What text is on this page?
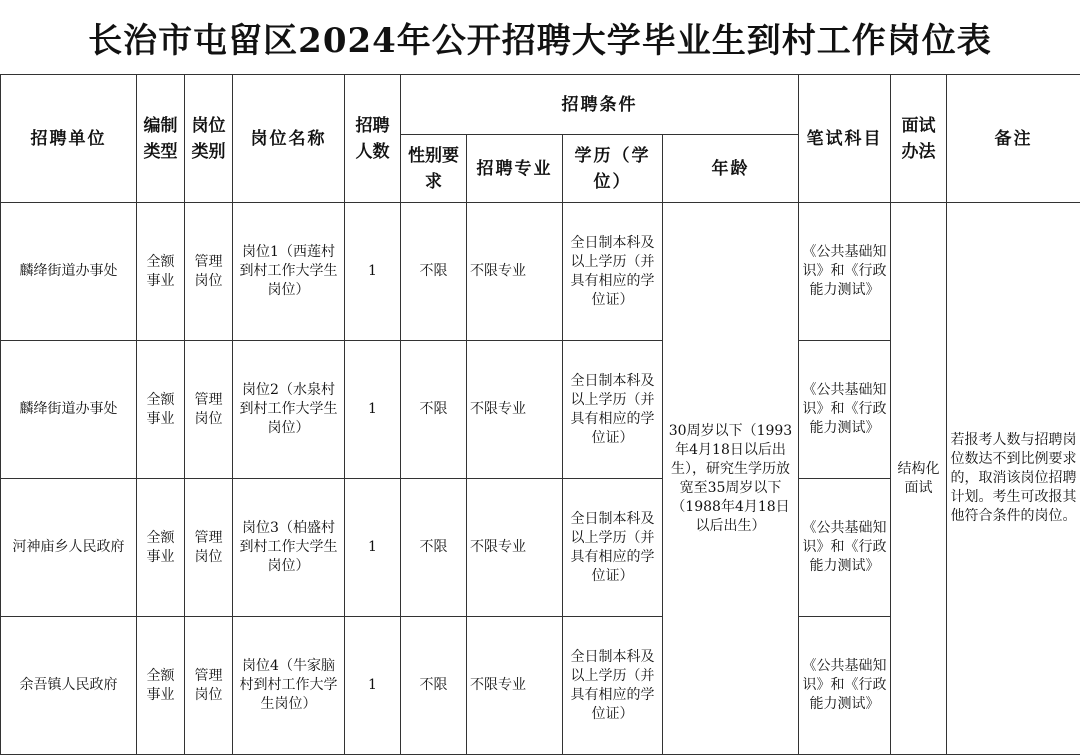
长治市屯留区2024年公开招聘大学毕业生到村工作岗位表
招聘单位	编制类型	岗位类别	岗位名称	招聘人数	招聘条件				笔试科目	面试办法	备注
					性别要求	招聘专业	学历（学位）	年龄			
麟绛街道办事处	全额事业	管理岗位	岗位1（西莲村到村工作大学生岗位）	1	不限	不限专业	全日制本科及以上学历（并具有相应的学位证）	30周岁以下（1993年4月18日以后出生），研究生学历放宽至35周岁以下（1988年4月18日以后出生）	《公共基础知识》和《行政能力测试》	结构化面试	若报考人数与招聘岗位数达不到比例要求的，取消该岗位招聘计划。考生可改报其他符合条件的岗位。
麟绛街道办事处	全额事业	管理岗位	岗位2（水泉村到村工作大学生岗位）	1	不限	不限专业	全日制本科及以上学历（并具有相应的学位证）		《公共基础知识》和《行政能力测试》		
河神庙乡人民政府	全额事业	管理岗位	岗位3（柏盛村到村工作大学生岗位）	1	不限	不限专业	全日制本科及以上学历（并具有相应的学位证）		《公共基础知识》和《行政能力测试》		
余吾镇人民政府	全额事业	管理岗位	岗位4（牛家脑村到村工作大学生岗位）	1	不限	不限专业	全日制本科及以上学历（并具有相应的学位证）		《公共基础知识》和《行政能力测试》		
